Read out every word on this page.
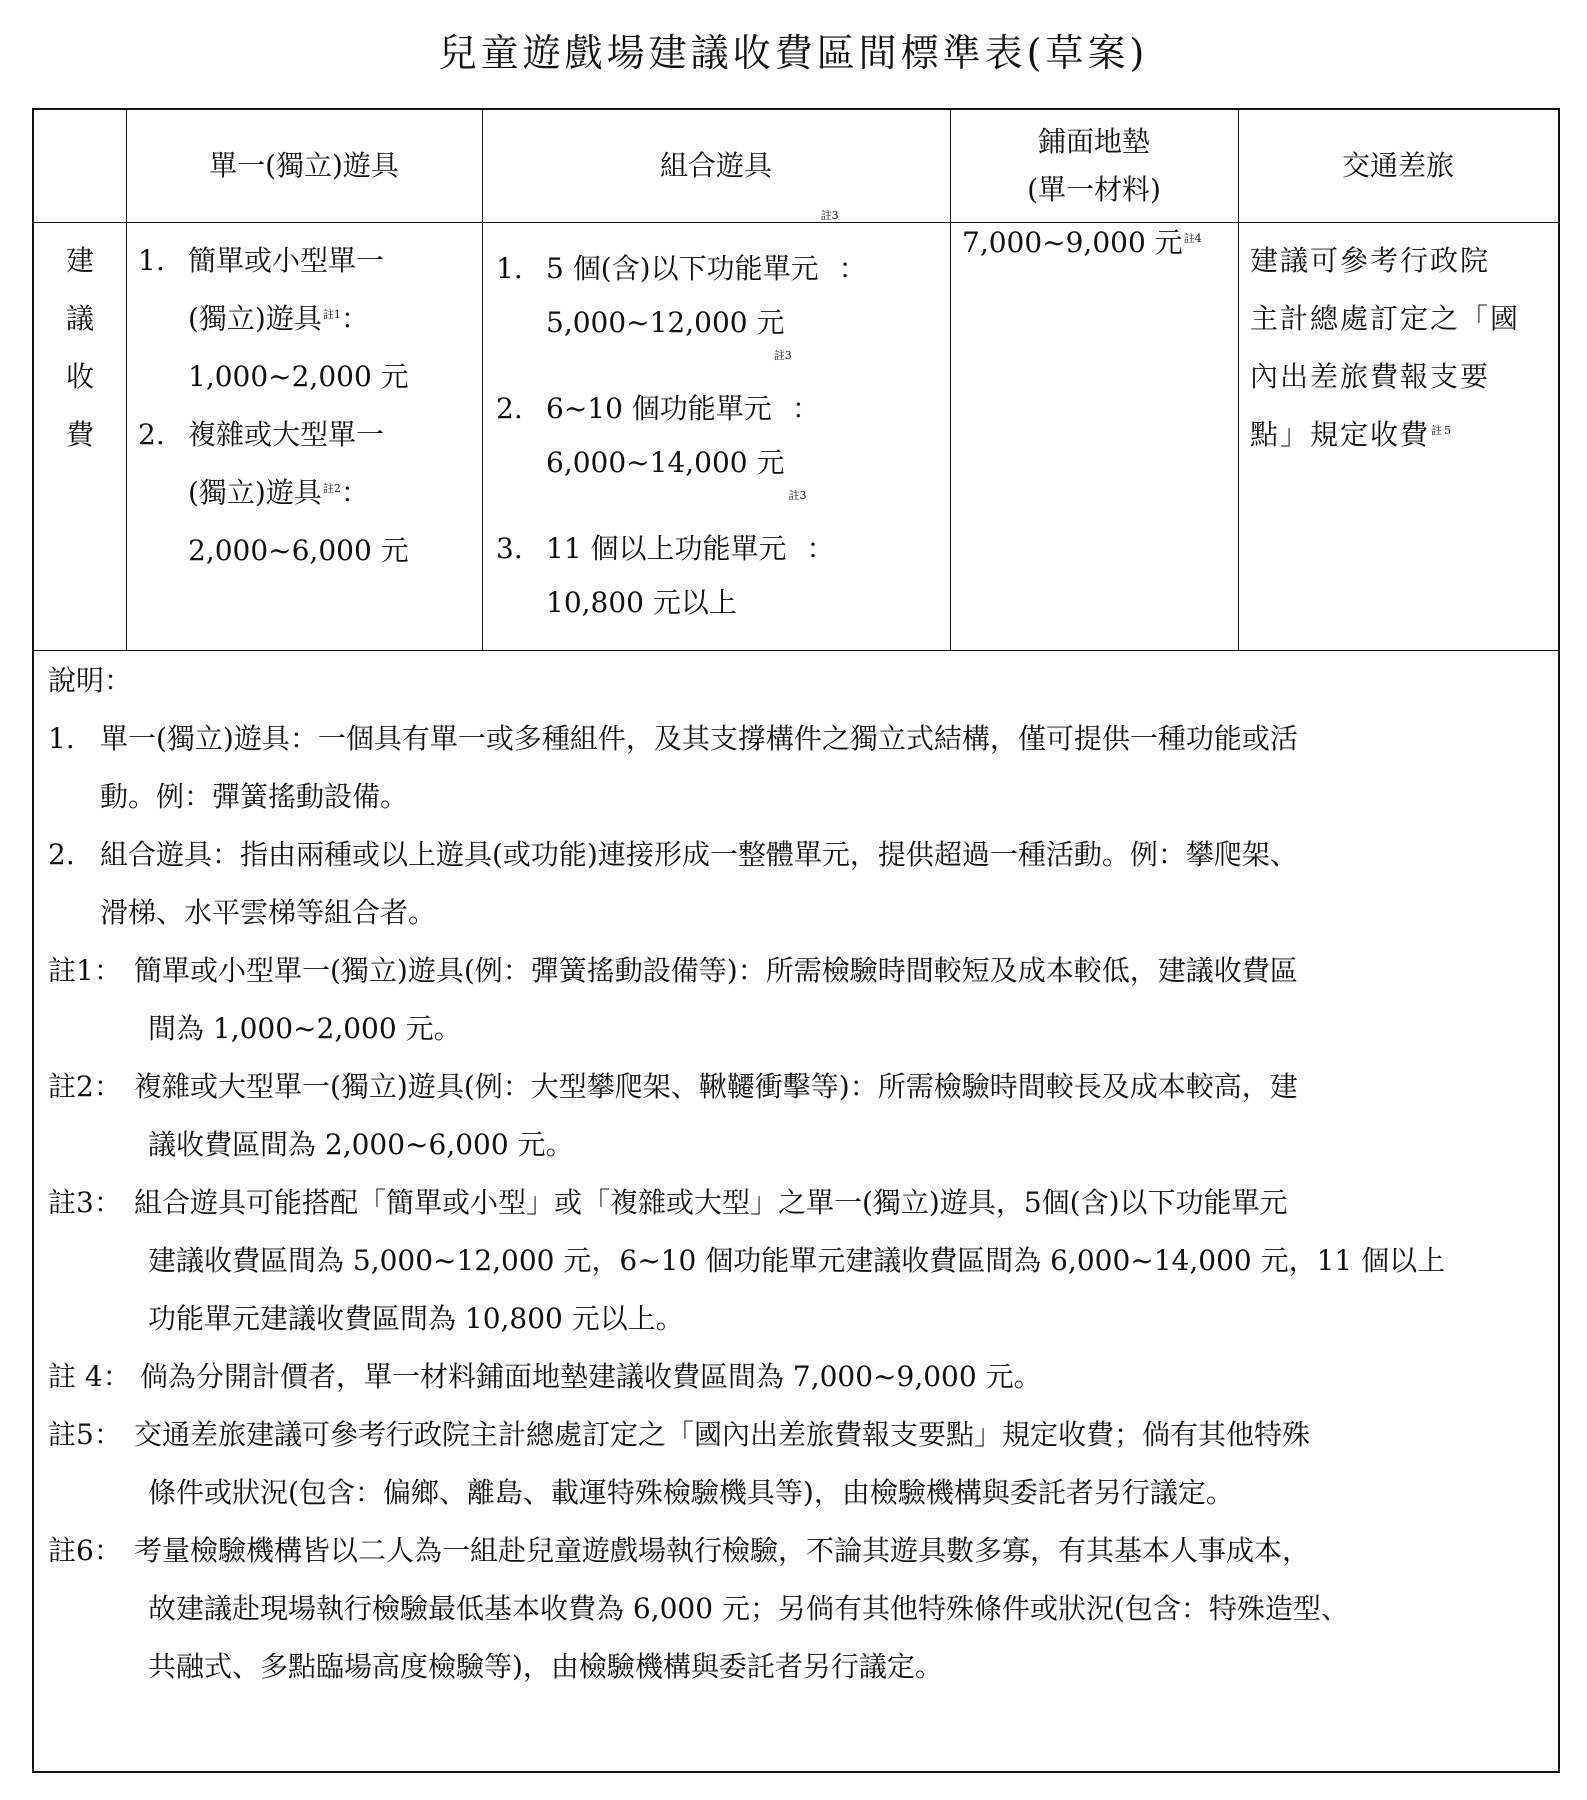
兒童遊戲場建議收費區間標準表(草案)
單一(獨立)遊具	組合遊具
鋪面地墊
(單一材料)
交通差旅
建
議
收
費
1. 簡單或小型單一
(獨立)遊具$^{註1}$：
1,000~2,000 元
2. 複雜或大型單一
(獨立)遊具$^{註2}$：
2,000~6,000 元
1. 5 個(含)以下功能單元
註3
：
5,000~12,000 元
2. 6~10 個功能單元
註3
：
6,000~14,000 元
3. 11 個以上功能單元
註3
：
10,800 元以上
7,000~9,000 元$^{註4}$
建議可參考行政院
主計總處訂定之「國
內出差旅費報支要
點」規定收費$^{註5}$
說明：
1. 單一(獨立)遊具：一個具有單一或多種組件，及其支撐構件之獨立式結構，僅可提供一種功能或活
動。例：彈簧搖動設備。
2. 組合遊具：指由兩種或以上遊具(或功能)連接形成一整體單元，提供超過一種活動。例：攀爬架、
滑梯、水平雲梯等組合者。
註1： 簡單或小型單一(獨立)遊具(例：彈簧搖動設備等)：所需檢驗時間較短及成本較低，建議收費區
間為 1,000~2,000 元。
註2： 複雜或大型單一(獨立)遊具(例：大型攀爬架、鞦韆衝擊等)：所需檢驗時間較長及成本較高，建
議收費區間為 2,000~6,000 元。
註3： 組合遊具可能搭配「簡單或小型」或「複雜或大型」之單一(獨立)遊具，5個(含)以下功能單元
建議收費區間為 5,000~12,000 元，6~10 個功能單元建議收費區間為 6,000~14,000 元，11 個以上
功能單元建議收費區間為 10,800 元以上。
註 4： 倘為分開計價者，單一材料鋪面地墊建議收費區間為 7,000~9,000 元。
註5： 交通差旅建議可參考行政院主計總處訂定之「國內出差旅費報支要點」規定收費；倘有其他特殊
條件或狀況(包含：偏鄉、離島、載運特殊檢驗機具等)，由檢驗機構與委託者另行議定。
註6： 考量檢驗機構皆以二人為一組赴兒童遊戲場執行檢驗，不論其遊具數多寡，有其基本人事成本，
故建議赴現場執行檢驗最低基本收費為 6,000 元；另倘有其他特殊條件或狀況(包含：特殊造型、
共融式、多點臨場高度檢驗等)，由檢驗機構與委託者另行議定。
